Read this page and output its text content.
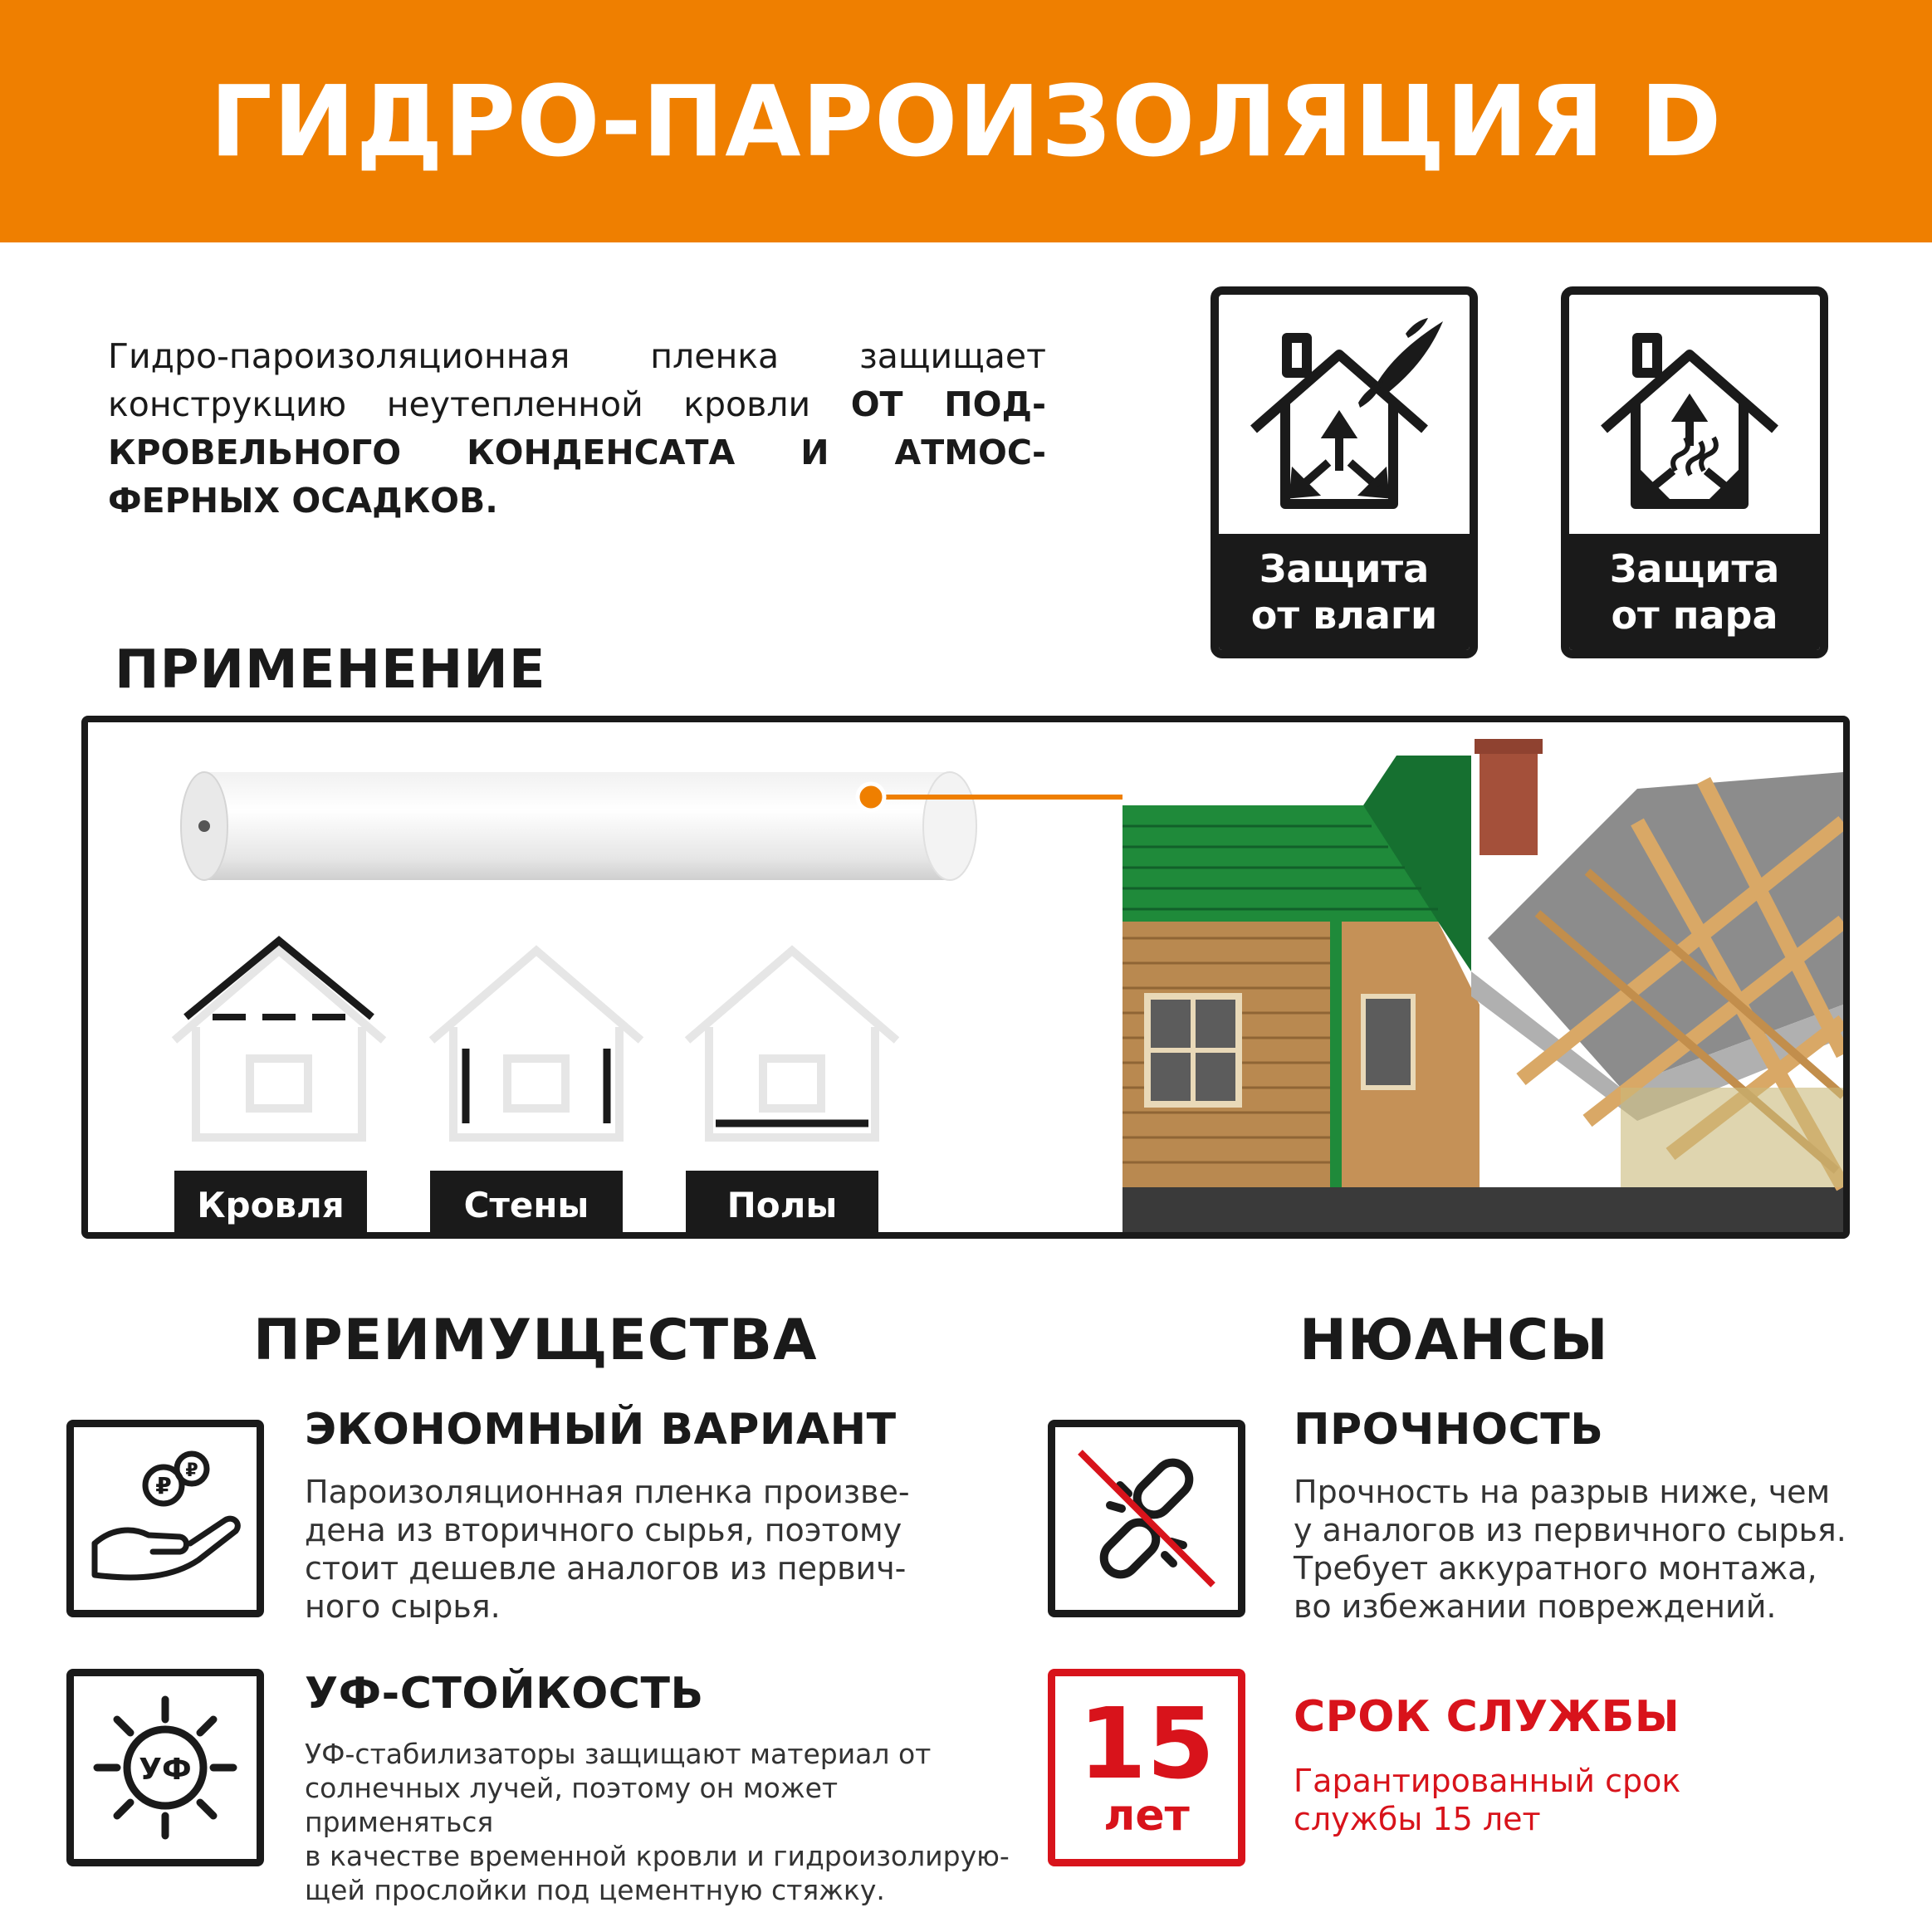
ГИДРО-ПАРОИЗОЛЯЦИЯ D
Гидро-пароизоляционная пленка защищает конструкцию неутепленной кровли ОТ ПОД-КРОВЕЛЬНОГО КОНДЕНСАТА И АТМОС-ФЕРНЫХ ОСАДКОВ.
Защита
от влаги
Защита
от пара
ПРИМЕНЕНИЕ
Кровля	Стены	Полы
ПРЕИМУЩЕСТВА	НЮАНСЫ
₽
₽
ЭКОНОМНЫЙ ВАРИАНТ
Пароизоляционная пленка произве-
дена из вторичного сырья, поэтому
стоит дешевле аналогов из первич-
ного сырья.
УФ
УФ-СТОЙКОСТЬ
УФ-стабилизаторы защищают материал от
солнечных лучей, поэтому он может применяться
в качестве временной кровли и гидроизолирую-
щей прослойки под цементную стяжку.
ПРОЧНОСТЬ
Прочность на разрыв ниже, чем
у аналогов из первичного сырья.
Требует аккуратного монтажа,
во избежании повреждений.
15
лет
СРОК СЛУЖБЫ
Гарантированный срок
службы 15 лет
